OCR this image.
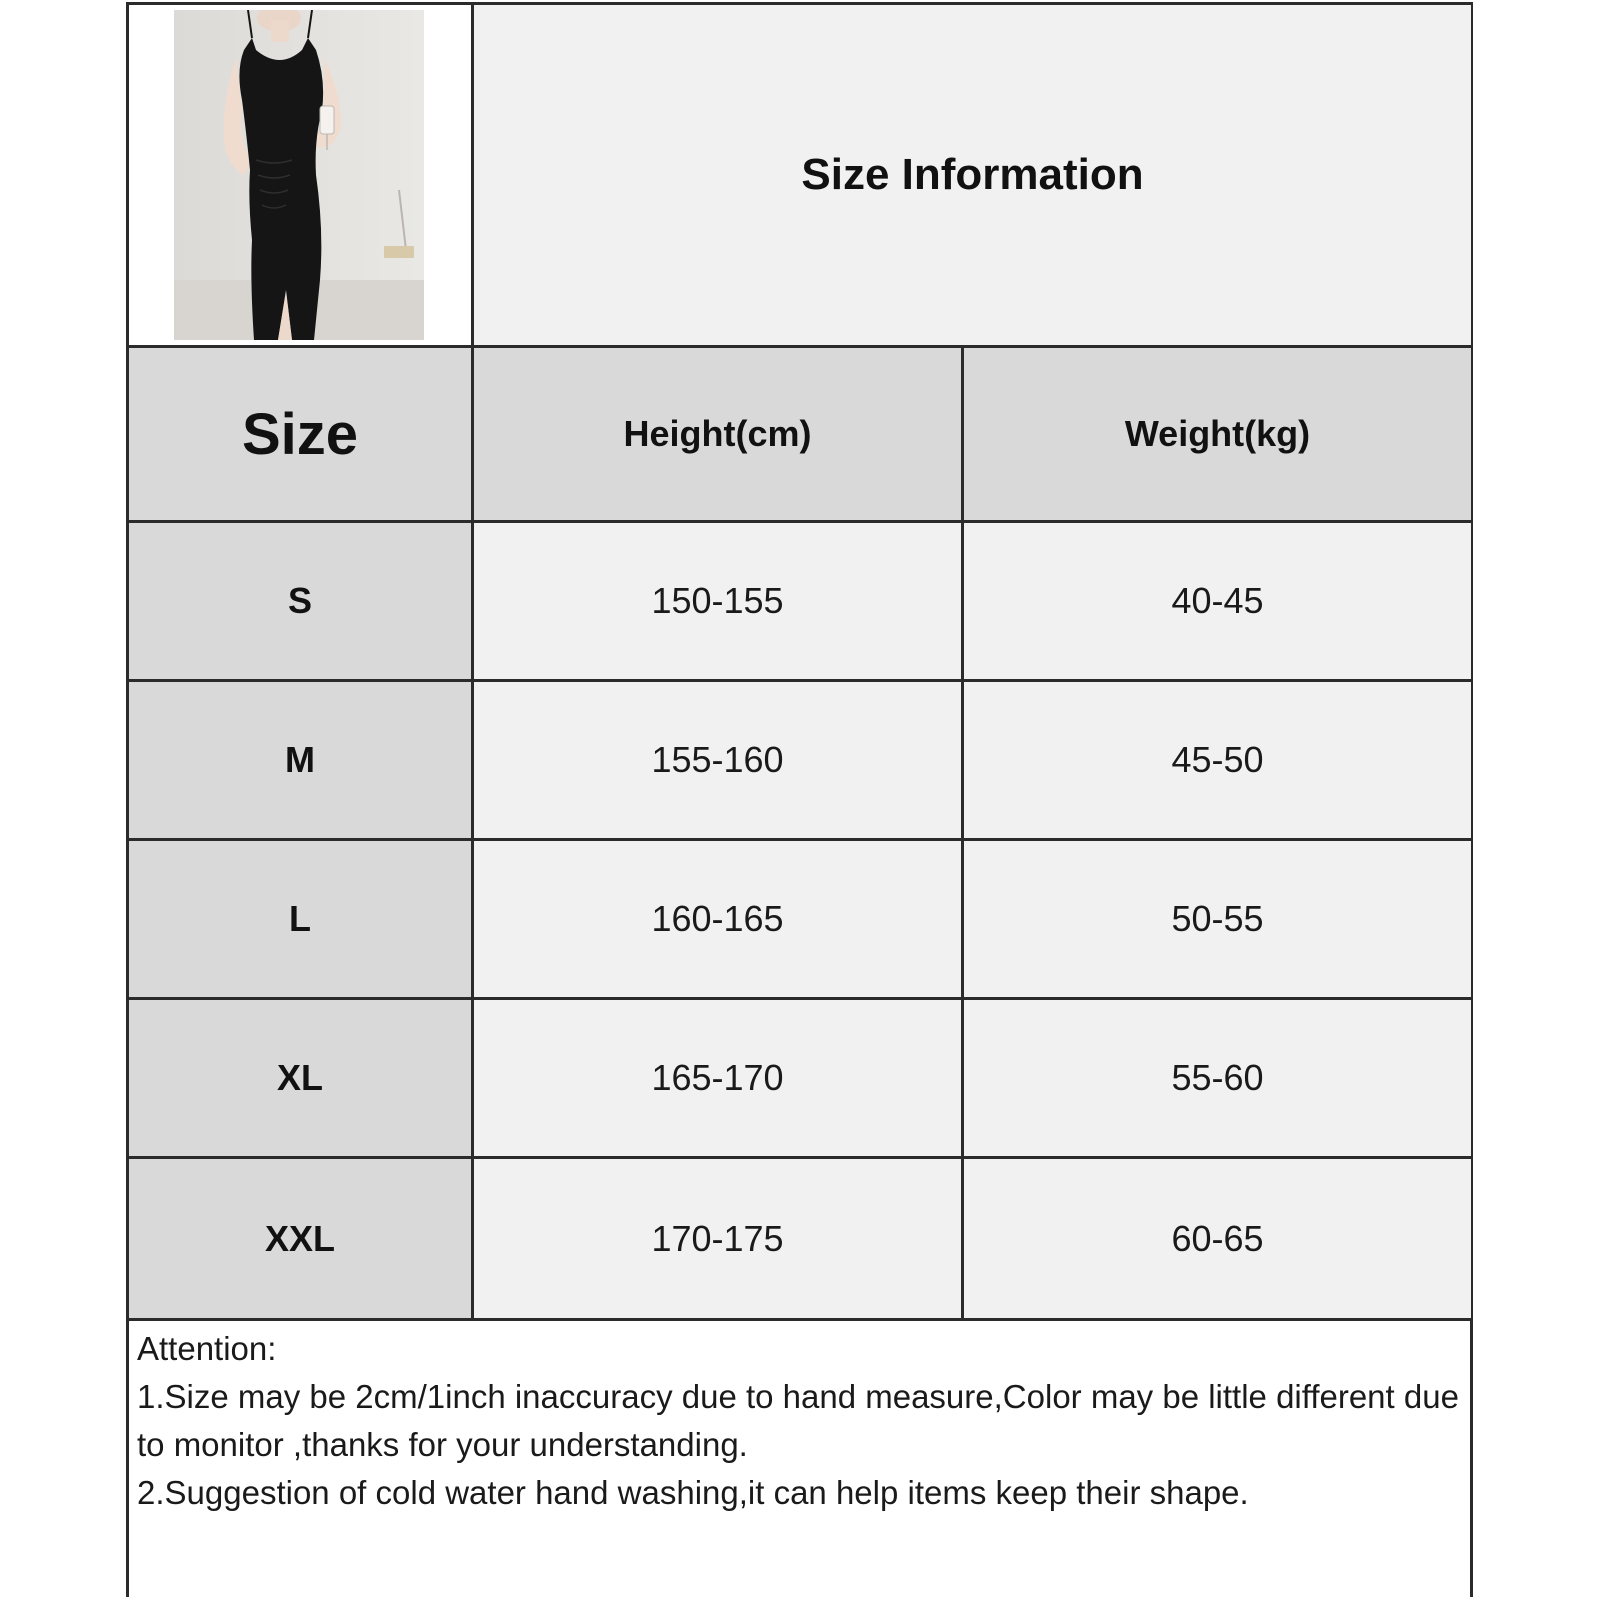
Size Information
Size	Height(cm)	Weight(kg)
S	150-155	40-45
M	155-160	45-50
L	160-165	50-55
XL	165-170	55-60
XXL	170-175	60-65

Attention:

1.Size may be 2cm/1inch inaccuracy due to hand measure,Color may be little different due to monitor ,thanks for your understanding.

2.Suggestion of cold water hand washing,it can help items keep their shape.
